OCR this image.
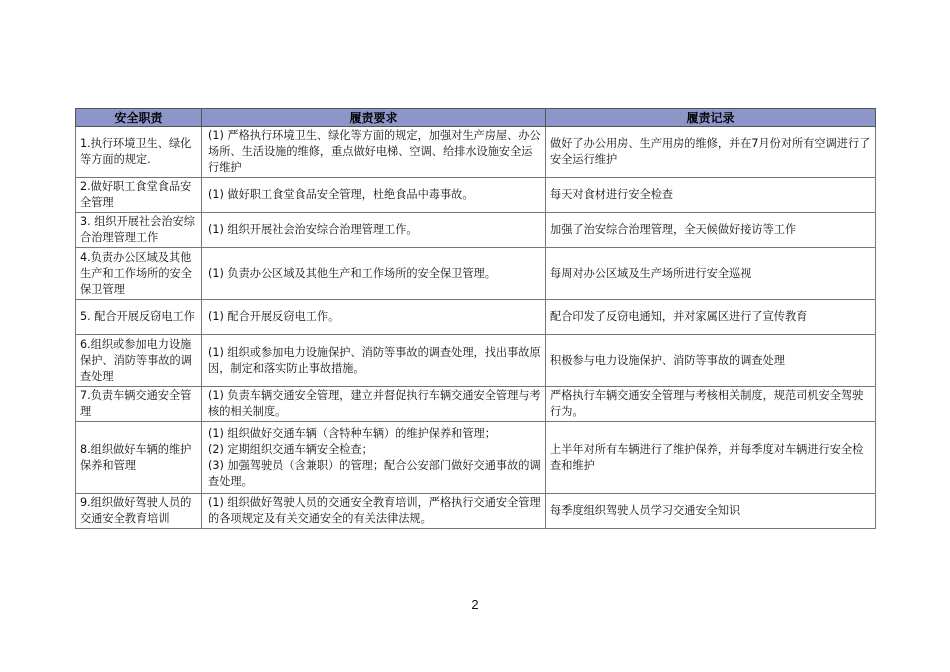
安全职责	履责要求	履责记录
1.执行环境卫生、绿化等方面的规定.	(1) 严格执行环境卫生、绿化等方面的规定，加强对生产房屋、办公场所、生活设施的维修，重点做好电梯、空调、给排水设施安全运行维护	做好了办公用房、生产用房的维修，并在7月份对所有空调进行了安全运行维护
2.做好职工食堂食品安全管理	(1) 做好职工食堂食品安全管理，杜绝食品中毒事故。	每天对食材进行安全检查
3. 组织开展社会治安综合治理管理工作	(1) 组织开展社会治安综合治理管理工作。	加强了治安综合治理管理，全天候做好接访等工作
4.负责办公区域及其他生产和工作场所的安全保卫管理	(1) 负责办公区域及其他生产和工作场所的安全保卫管理。	每周对办公区域及生产场所进行安全巡视
5. 配合开展反窃电工作	(1) 配合开展反窃电工作。	配合印发了反窃电通知，并对家属区进行了宣传教育
6.组织或参加电力设施保护、消防等事故的调查处理	(1) 组织或参加电力设施保护、消防等事故的调查处理，找出事故原因，制定和落实防止事故措施。	积极参与电力设施保护、消防等事故的调查处理
7.负责车辆交通安全管理	(1) 负责车辆交通安全管理，建立并督促执行车辆交通安全管理与考核的相关制度。	严格执行车辆交通安全管理与考核相关制度，规范司机安全驾驶行为。
8.组织做好车辆的维护保养和管理	(1) 组织做好交通车辆（含特种车辆）的维护保养和管理；
(2) 定期组织交通车辆安全检查；
(3) 加强驾驶员（含兼职）的管理；配合公安部门做好交通事故的调查处理。	上半年对所有车辆进行了维护保养，并每季度对车辆进行安全检查和维护
9.组织做好驾驶人员的交通安全教育培训	(1) 组织做好驾驶人员的交通安全教育培训，严格执行交通安全管理的各项规定及有关交通安全的有关法律法规。	每季度组织驾驶人员学习交通安全知识
2
